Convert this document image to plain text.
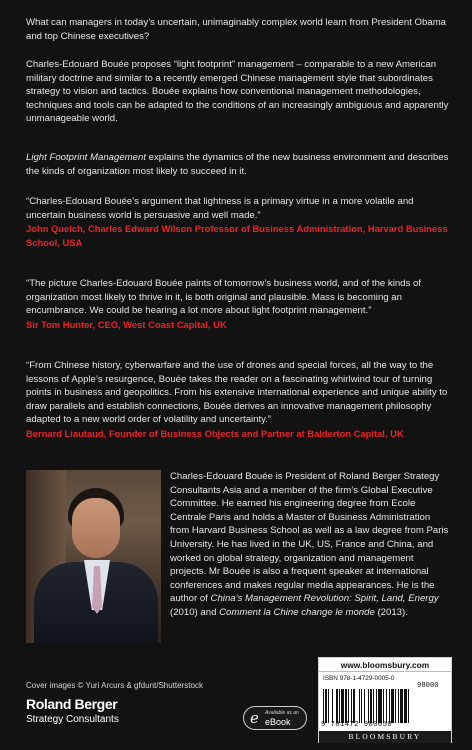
What can managers in today’s uncertain, unimaginably complex world learn from President Obama and top Chinese executives?

Charles-Edouard Bouée proposes “light footprint” management – comparable to a new American military doctrine and similar to a recently emerged Chinese management style that subordinates strategy to vision and tactics. Bouée explains how conventional management methodologies, techniques and tools can be adapted to the conditions of an increasingly ambiguous and apparently unmanageable world.

Light Footprint Management explains the dynamics of the new business environment and describes the kinds of organization most likely to succeed in it.

“Charles-Edouard Bouée’s argument that lightness is a primary virtue in a more volatile and uncertain business world is persuasive and well made.”
John Quelch, Charles Edward Wilson Professor of Business Administration, Harvard Business School, USA
“The picture Charles-Edouard Bouée paints of tomorrow’s business world, and of the kinds of organization most likely to thrive in it, is both original and plausible. Mass is becoming an encumbrance. We could be hearing a lot more about light footprint management.”
Sir Tom Hunter, CEO, West Coast Capital, UK
“From Chinese history, cyberwarfare and the use of drones and special forces, all the way to the lessons of Apple’s resurgence, Bouée takes the reader on a fascinating whirlwind tour of turning points in business and geopolitics. From his extensive international experience and unique ability to draw parallels and establish connections, Bouée derives an innovative management philosophy adapted to a new world order of volatility and uncertainty.”
Bernard Liautaud, Founder of Business Objects and Partner at Balderton Capital, UK

Charles-Edouard Bouée is President of Roland Berger Strategy Consultants Asia and a member of the firm’s Global Executive Committee. He earned his engineering degree from Ecole Centrale Paris and holds a Master of Business Administration from Harvard Business School as well as a law degree from Paris University. He has lived in the UK, US, France and China, and worked on global strategy, organization and management projects. Mr Bouée is also a frequent speaker at international conferences and makes regular media appearances. He is the author of China’s Management Revolution: Spirit, Land, Energy (2010) and Comment la Chine change le monde (2013).

Cover images © Yuri Arcurs & gfdunt/Shutterstock
Roland Berger
Strategy Consultants	e Available as an
eBook
www.bloomsbury.com
ISBN 978-1-4729-0005-0
98000
9 781472 900050
BLOOMSBURY
